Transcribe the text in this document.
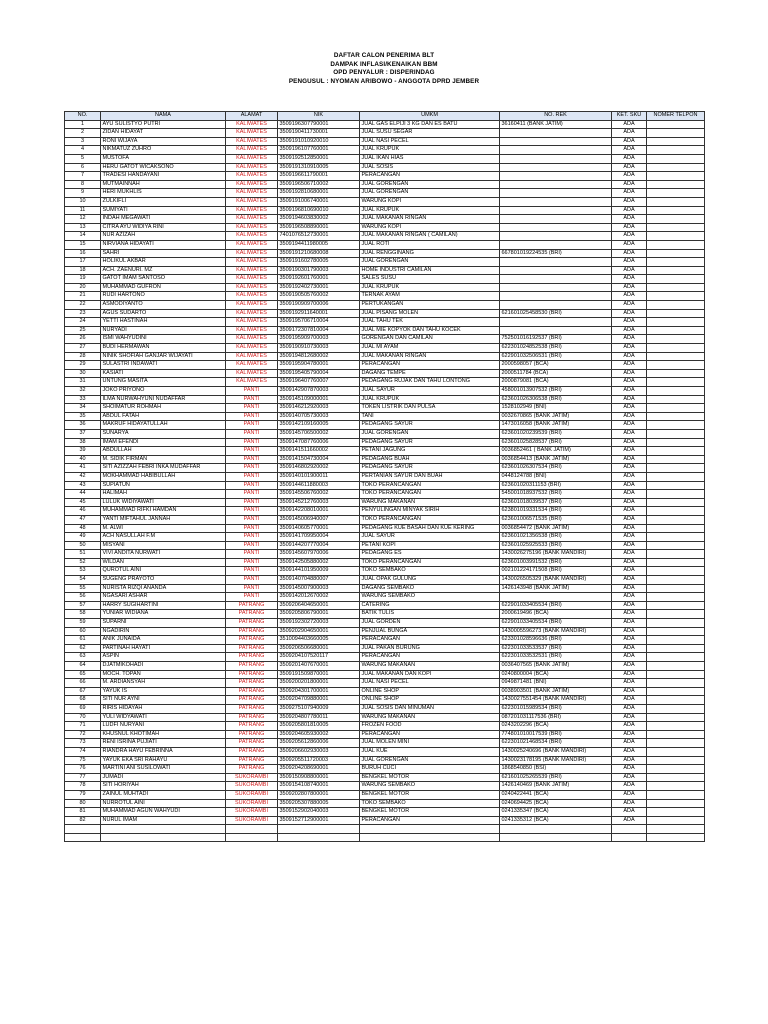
DAFTAR CALON PENERIMA BLT
DAMPAK INFLASI/KENAIKAN BBM
OPD PENYALUR : DISPERINDAG
PENGUSUL : NYOMAN ARIBOWO - ANGGOTA DPRD JEMBER
NO.	NAMA	ALAMAT	NIK	UMKM	NO. REK	KET. SKU	NOMER TELPON
1	AYU SULISTYO PUTRI	KALIWATES	3509196307790001	JUAL GAS ELPIJI 3 KG DAN ES BATU	36160411 (BANK JATIM)	ADA	
2	ZIDAN HIDAYAT	KALIWATES	3509190411730001	JUAL SUSU SEGAR		ADA	
3	RONI WIJAYA	KALIWATES	3509191010920010	JUAL NASI PECEL		ADA	
4	NIKMATUZ ZUHRO	KALIWATES	3509196107760001	JUAL KRUPUK		ADA	
5	MUSTOFA	KALIWATES	3509192512850001	JUAL IKAN HIAS		ADA	
6	HERU GATOT WICAKSONO	KALIWATES	3509191310910005	JUAL SOSIS		ADA	
7	TRADESI HANDAYANI	KALIWATES	3509196611790001	PERACANGAN		ADA	
8	MUTMAINNAH	KALIWATES	3509196506710002	JUAL GORENGAN		ADA	
9	HERI MUKHLIS	KALIWATES	3509192810680001	JUAL GORENGAN		ADA	
10	ZULKIFLI	KALIWATES	3509191006740001	WARUNG KOPI		ADA	
11	SUMIYATI	KALIWATES	3509196810690010	JUAL KRUPUK		ADA	
12	INDAH MEGAWATI	KALIWATES	3509194603830002	JUAL MAKANAN RINGAN		ADA	
13	CITRA AYU WIDIYA RINI	KALIWATES	3509196508890001	WARUNG KOPI		ADA	
14	NUR AZIZAH	KALIWATES	7401076512730001	JUAL MAKANAN RINGAN ( CAMILAN)		ADA	
15	NIRVIANA HIDAYATI	KALIWATES	3509194411980005	JUAL ROTI		ADA	
16	SAHRI	KALIWATES	3509191210680008	JUAL RENGGINANG	667801019224535 (BRI)	ADA	
17	HOLIKUL AKBAR	KALIWATES	3509191602780005	JUAL GORENGAN		ADA	
18	ACH. ZAENURI. MZ	KALIWATES	3509190301790003	HOME INDUSTRI CAMILAN		ADA	
19	GATOT IMAM SANTOSO	KALIWATES	3509192601760001	SALES SUSU		ADA	
20	MUHAMMAD GUFRON	KALIWATES	3509192402730001	JUAL KRUPUK		ADA	
21	RUDI HARTONO	KALIWATES	3509190505760002	TERNAK AYAM		ADA	
22	ASMODIYANTO	KALIWATES	3509190909700006	PERTUKANGAN		ADA	
23	AGUS SUDARTO	KALIWATES	3509192911640001	JUAL PISANG MOLEN	621601025458530 (BRI)	ADA	
24	YETTI HASTINAH	KALIWATES	3509195706710004	JUAL TAHU TEK		ADA	
25	NURYADI	KALIWATES	3509172307810004	JUAL MIE KOPYOK DAN TAHU KOCEK		ADA	
26	ISMI WAHYUDINI	KALIWATES	3509195909700003	GORENGAN DAN CAMILAN	752501016192537 (BRI)	ADA	
27	BUDI HERMAWAN	KALIWATES	3509190910730003	JUAL MI AYAM	622301024852538 (BRI)	ADA	
28	NINIK SHOFIAH GANJAR WIJAYATI	KALIWATES	3509194812680002	JUAL MAKANAN RINGAN	622901032506531 (BRI)	ADA	
29	SULASTRI INDAWATI	KALIWATES	3509195904780001	PERACANGAN	2000598057 (BCA)	ADA	
30	KASIATI	KALIWATES	3509195405790004	DAGANG TEMPE	2000511784 (BCA)	ADA	
31	UNTUNG MASITA	KALIWATES	3509196407760007	PEDAGANG RUJAK DAN TAHU LONTONG	2000879081 (BCA)	ADA	
32	JOKO PRIYONO	PANTI	3509142907870003	JUAL SAYUR	458001013907532 (BRI)	ADA	
33	ILMA NURWAHYUNI NUDAFFAR	PANTI	3509145109000001	JUAL KRUPUK	623601026306538 (BRI)	ADA	
34	SHOIMATUR ROHMAH	PANTI	3509146212920003	TOKEN LISTRIK DAN PULSA	1528102949 (BNI)	ADA	
35	ABDUL FATAH	PANTI	3509140705730003	TANI	0032670865 (BANK JATIM)	ADA	
36	MAKRUF HIDAYATULLAH	PANTI	3509142109160005	PEDAGANG SAYUR	1473016058 (BANK JATIM)	ADA	
37	SUNARYA	PANTI	3509145706500002	JUAL GORENGAN	623601020239539 (BRI)	ADA	
38	IMAM EFENDI	PANTI	3509147087760006	PEDAGANG SAYUR	623601025828537 (BRI)	ADA	
39	ABDULLAH	PANTI	3509141511660002	PETANI JAGUNG	0036852461 ( BANK JATIM)	ADA	
40	M. SIDIK FIRMAN	PANTI	3509141504730004	PEDAGANG BUAH	0036854413 (BANK JATIM)	ADA	
41	SITI AZIZZAH FEBRI INKA MUDAFFAR	PANTI	3509146802920002	PEDAGANG SAYUR	623601026307534 (BRI)	ADA	
42	MOKHAMMAD HABIBULLAH	PANTI	3509140101900011	PERTANIAN SAYUR DAN BUAH	0448124788 (BNI)	ADA	
43	SUPIATUN	PANTI	3509144611880003	TOKO PERANCANGAN	623601020311153 (BRI)	ADA	
44	HALIMAH	PANTI	3509145506760002	TOKO PERANCANGAN	545001018937532 (BRI)	ADA	
45	LULUK WIDIYAWATI	PANTI	3509145212760003	WARUNG MAKANAN	623601018039537 (BRI)	ADA	
46	MUHAMMAD RIFKI HAMDAN	PANTI	3509142208010001	PENYULINGAN MINYAK SIRIH	623801019331534 (BRI)	ADA	
47	YANTI MIFTAHUL JANNAH	PANTI	3509145006940007	TOKO PERANCANGAN	623601006571535 (BRI)	ADA	
48	M. ALWI	PANTI	3509140605770001	PEDAGANG KUE BASAH DAN KUE KERING	0036854472 (BANK JATIM)	ADA	
49	ACH NASULLAH F.M	PANTI	3509141709950004	JUAL SAYUR	623601021356538 (BRI)	ADA	
50	MISYANI	PANTI	3509144207770004	PETANI KOPI	623601025925533 (BRI)	ADA	
51	VIVI ANDITA NURWATI	PANTI	3509145607970006	PEDAGANG ES	1430026275196 (BANK MANDIRI)	ADA	
52	WILDAN	PANTI	3509142505880002	TOKO PERANCANGAN	623601003991532 (BRI)	ADA	
53	QUROTUL AINI	PANTI	3509144101950009	TOKO SEMBAKO	002101224171508 (BRI)	ADA	
54	SUGENG PRAYOTO	PANTI	3509140704880007	JUAL OPAK GULUNG	1430026505329 (BANK MANDIRI)	ADA	
55	NURISTA RIZQI ANANDA	PANTI	3509145007900003	DAGANG SEMBAKO	1426143948 (BANK JATIM)	ADA	
56	NGASARI ASHAR	PANTI	3509142012670002	WARUNG SEMBAKO		ADA	
57	HARRY SUGIHARTINI	PATRANG	3509206404650001	CATERING	622901033405534 (BRI)	ADA	
58	YUNIAR WIDIANA	PATRANG	3509205806790001	BATIK TULIS	2000619496 (BCA)	ADA	
59	SUPARNI	PATRANG	3509192302720003	JUAL GORDEN	622901033405534 (BRI)	ADA	
60	NGADIRIN	PATRANG	3509202904650001	PENJUAL BUNGA	1430005596273 (BANK MANDIRI)	ADA	
61	ANIK JUNAIDA	PATRANG	3510094403660005	PERACANGAN	623301028596636 (BRI)	ADA	
62	PARTINAH HAYATI	PATRANG	3509206506680001	JUAL PAKAN BURUNG	622301033533537 (BRI)	ADA	
63	ASPIN	PATRANG	3509204107520117	PERACANGAN	622301033532531 (BRI)	ADA	
64	DJATMIKOHADI	PATRANG	3509201407670001	WARUNG MAKANAN	0036407565 (BANK JATIM)	ADA	
65	MOCH. TOPAN	PATRANG	3509191509870001	JUAL MAKANAN DAN KOPI	0240800004 (BCA)	ADA	
66	M. ARDIANSYAH	PATRANG	3509200201800001	JUAL NASI PECEL	0949871481 (BNI)	ADA	
67	YAYUK IS	PATRANG	3509204301700001	ONLINE SHOP	0038903501 (BANK JATIM)	ADA	
68	SITI NUR AYNI	PATRANG	3509204709880001	ONLINE SHOP	1430027551454 (BANK MANDIRI)	ADA	
69	RIRIS HIDAYAH	PATRANG	3509275107940009	JUAL SOSIS DAN MINUMAN	622301015989534 (BRI)	ADA	
70	YULI WIDYAWATI	PATRANG	3509204807780011	WARUNG MAKANAN	087201031117536 (BRI)	ADA	
71	LUDFI NURYANI	PATRANG	3509205801810005	FROZEN FOOD	0243202296 (BCA)	ADA	
72	KHUSNUL KHOTIMAH	PATRANG	3509204605930002	PERACANGAN	774801010017539 (BRI)	ADA	
73	RENI ISRINA PUJIATI	PATRANG	3509205612860006	JUAL MOLEN MINI	622301021468534 (BRI)	ADA	
74	RIANDRA HAYU FEBRINNA	PATRANG	3509206602930003	JUAL KUE	1430025240696 (BANK MANDIRI)	ADA	
75	YAYUK EKA SRI RAHAYU	PATRANG	3509205511720003	JUAL GORENGAN	1430023178195 (BANK MANDIRI)	ADA	
76	MARTINI ANI SUSILOWATI	PATRANG	3509204208690001	BURUH CUCI	1868540850 (BSI)	ADA	
77	JUMADI	SUKORAMBI	3509150908800001	BENGKEL MOTOR	621601025265539 (BRI)	ADA	
78	SITI HORIYAH	SUKORAMBI	3509154108740001	WARUNG SEMBAKO	1426140469 (BANK JATIM)	ADA	
79	ZAINUL MUHTADI	SUKORAMBI	3509202807800001	BENGKEL MOTOR	0240422441 (BCA)	ADA	
80	NURROTUL AINI	SUKORAMBI	3509205307880005	TOKO SEMBAKO	0240694425 (BCA)	ADA	
81	MUHAMMAD AGUN WAHYUDI	SUKORAMBI	3509152902040003	BENGKEL MOTOR	0241335347 (BCA)	ADA	
82	NURUL IMAM	SUKORAMBI	3509152712900001	PERACANGAN	0241335312 (BCA)	ADA	
